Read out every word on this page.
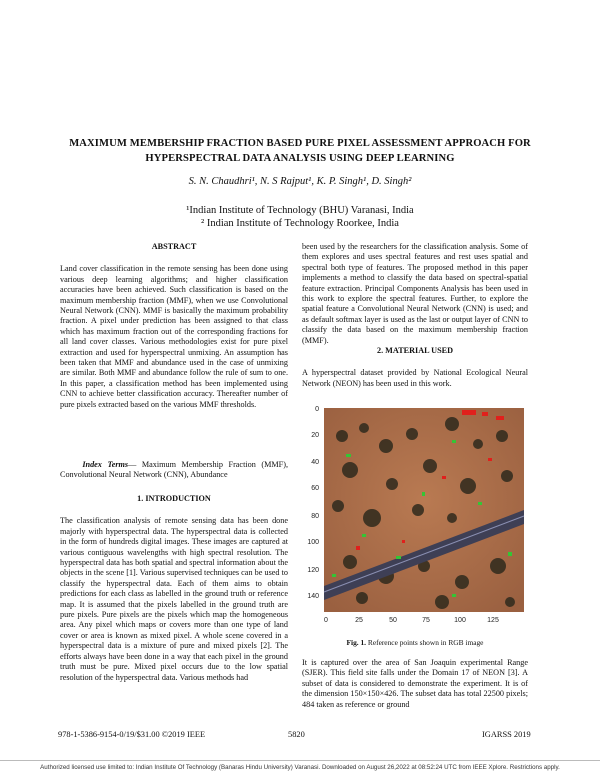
MAXIMUM MEMBERSHIP FRACTION BASED PURE PIXEL ASSESSMENT APPROACH FOR HYPERSPECTRAL DATA ANALYSIS USING DEEP LEARNING
S. N. Chaudhri¹, N. S Rajput¹, K. P. Singh¹, D. Singh²
¹Indian Institute of Technology (BHU) Varanasi, India
² Indian Institute of Technology Roorkee, India
ABSTRACT
Land cover classification in the remote sensing has been done using various deep learning algorithms; and higher classification accuracies have been achieved. Such classification is based on the maximum membership fraction (MMF), when we use Convolutional Neural Network (CNN). MMF is basically the maximum probability fraction. A pixel under prediction has been assigned to that class which has maximum fraction out of the corresponding fractions for all land cover classes. Various methodologies exist for pure pixel extraction and used for hyperspectral unmixing. An assumption has been taken that MMF and abundance used in the case of unmixing are similar. Both MMF and abundance follow the rule of sum to one. In this paper, a classification method has been implemented using CNN to achieve better classification accuracy. Thereafter number of pure pixels extracted based on the various MMF thresholds.
Index Terms— Maximum Membership Fraction (MMF), Convolutional Neural Network (CNN), Abundance
1. INTRODUCTION
The classification analysis of remote sensing data has been done majorly with hyperspectral data. The hyperspectral data is collected in the form of hundreds digital images. These images are captured at various contiguous wavelengths with high spectral resolution. The hyperspectral data has both spatial and spectral information about the objects in the scene [1]. Various supervised techniques can be used to classify the hyperspectral data. Each of them aims to obtain predictions for each class as labelled in the ground truth or reference map. It is assumed that the pixels labelled in the ground truth are pure pixels. Pure pixels are the pixels which map the homogeneous area. Any pixel which maps or covers more than one type of land cover or area is known as mixed pixel. A whole scene covered in a hyperspectral data is a mixture of pure and mixed pixels [2]. The efforts always have been done in a way that each pixel in the ground truth must be pure. Mixed pixel occurs due to the low spatial resolution of the hyperspectral data. Various methods had
been used by the researchers for the classification analysis. Some of them explores and uses spectral features and rest uses spatial and spectral both type of features. The proposed method in this paper implements a method to classify the data based on spectral-spatial feature extraction. Principal Components Analysis has been used in this work to explore the spectral features. Further, to explore the spatial feature a Convolutional Neural Network (CNN) is used; and as default softmax layer is used as the last or output layer of CNN to classify the data based on the maximum membership fraction (MMF).
2. MATERIAL USED
A hyperspectral dataset provided by National Ecological Neural Network (NEON) has been used in this work.
0
20
40
60
80
100
120
140
0	25	50	75	100	125
Fig. 1. Reference points shown in RGB image
It is captured over the area of San Joaquin experimental Range (SJER). This field site falls under the Domain 17 of NEON [3]. A subset of data is considered to demonstrate the experiment. It is of the dimension 150×150×426. The subset data has total 22500 pixels; 484 taken as reference or ground
978-1-5386-9154-0/19/$31.00 ©2019 IEEE	5820	IGARSS 2019
Authorized licensed use limited to: Indian Institute Of Technology (Banaras Hindu University) Varanasi. Downloaded on August 26,2022 at 08:52:24 UTC from IEEE Xplore. Restrictions apply.
